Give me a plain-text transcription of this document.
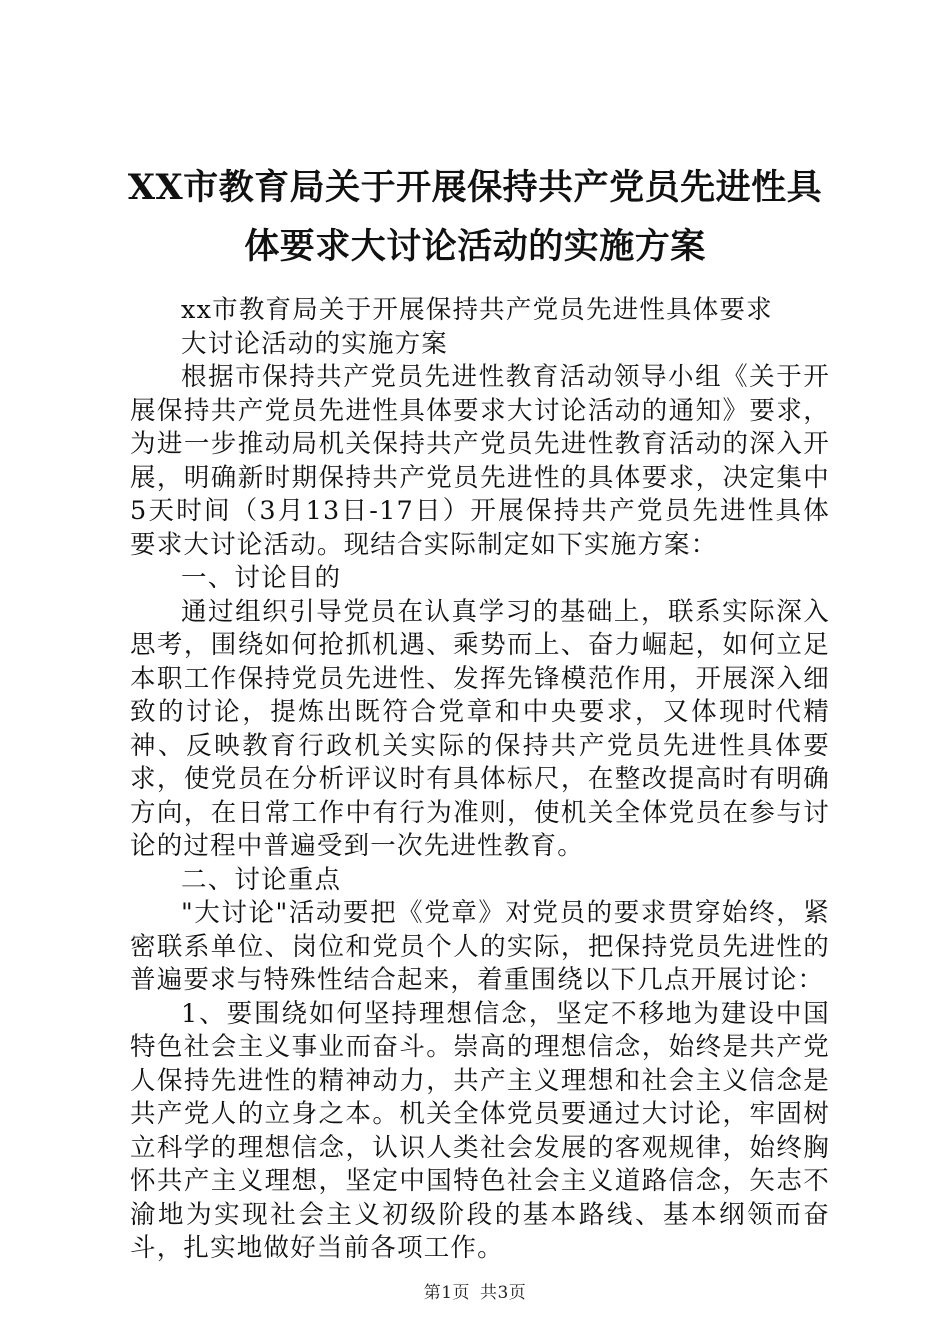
XX市教育局关于开展保持共产党员先进性具
体要求大讨论活动的实施方案

xx市教育局关于开展保持共产党员先进性具体要求

大讨论活动的实施方案

根据市保持共产党员先进性教育活动领导小组《关于开展保持共产党员先进性具体要求大讨论活动的通知》要求，为进一步推动局机关保持共产党员先进性教育活动的深入开展，明确新时期保持共产党员先进性的具体要求，决定集中5天时间（3月13日-17日）开展保持共产党员先进性具体要求大讨论活动。现结合实际制定如下实施方案：

一、讨论目的

通过组织引导党员在认真学习的基础上，联系实际深入思考，围绕如何抢抓机遇、乘势而上、奋力崛起，如何立足本职工作保持党员先进性、发挥先锋模范作用，开展深入细致的讨论，提炼出既符合党章和中央要求，又体现时代精神、反映教育行政机关实际的保持共产党员先进性具体要求，使党员在分析评议时有具体标尺，在整改提高时有明确方向，在日常工作中有行为准则，使机关全体党员在参与讨论的过程中普遍受到一次先进性教育。

二、讨论重点

"大讨论"活动要把《党章》对党员的要求贯穿始终，紧密联系单位、岗位和党员个人的实际，把保持党员先进性的普遍要求与特殊性结合起来，着重围绕以下几点开展讨论：

1、要围绕如何坚持理想信念，坚定不移地为建设中国特色社会主义事业而奋斗。崇高的理想信念，始终是共产党人保持先进性的精神动力，共产主义理想和社会主义信念是共产党人的立身之本。机关全体党员要通过大讨论，牢固树立科学的理想信念，认识人类社会发展的客观规律，始终胸怀共产主义理想，坚定中国特色社会主义道路信念，矢志不渝地为实现社会主义初级阶段的基本路线、基本纲领而奋斗，扎实地做好当前各项工作。

第1页 共3页
